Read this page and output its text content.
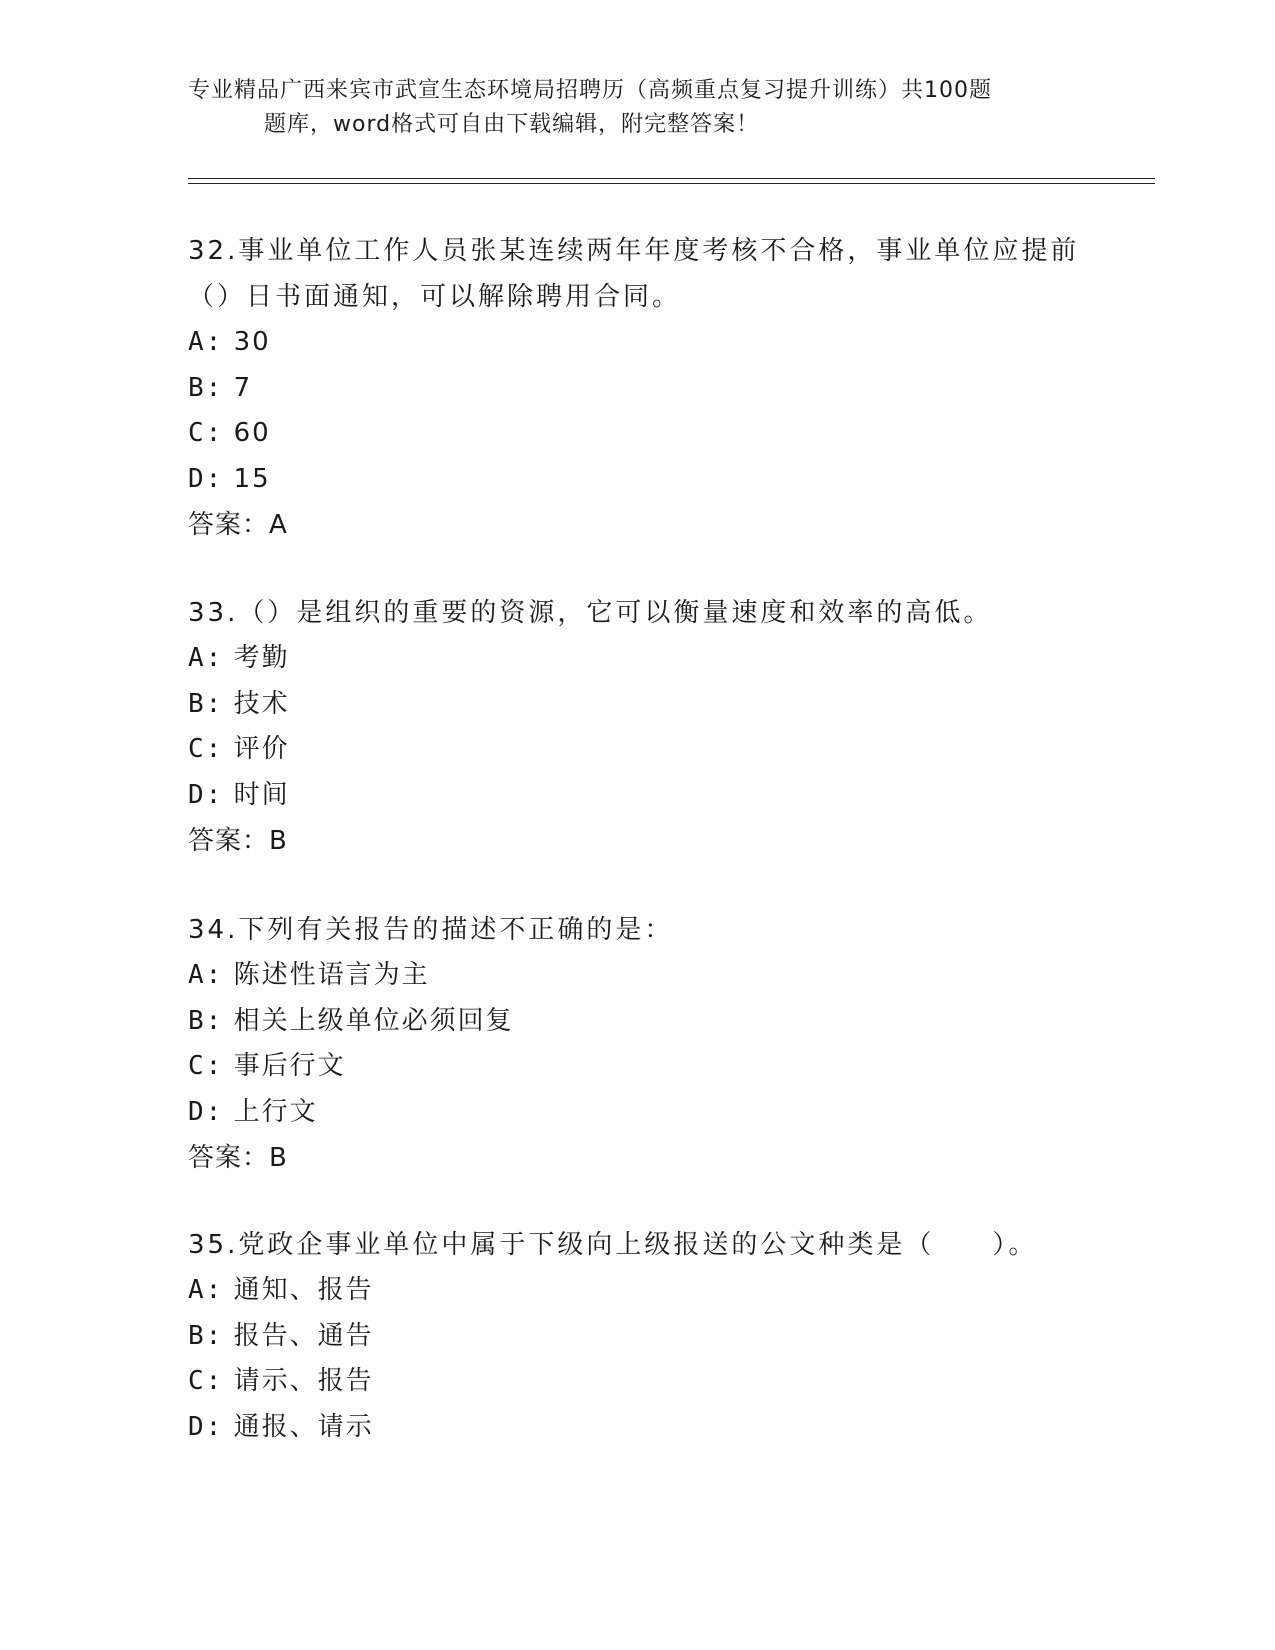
专业精品广西来宾市武宣生态环境局招聘历（高频重点复习提升训练）共100题
题库，word格式可自由下载编辑，附完整答案！

32.事业单位工作人员张某连续两年年度考核不合格，事业单位应提前（）日书面通知，可以解除聘用合同。

A: 30

B: 7

C: 60

D: 15

答案：A

33.（）是组织的重要的资源，它可以衡量速度和效率的高低。

A: 考勤

B: 技术

C: 评价

D: 时间

答案：B

34.下列有关报告的描述不正确的是：

A: 陈述性语言为主

B: 相关上级单位必须回复

C: 事后行文

D: 上行文

答案：B

35.党政企事业单位中属于下级向上级报送的公文种类是（　　）。

A: 通知、报告

B: 报告、通告

C: 请示、报告

D: 通报、请示
